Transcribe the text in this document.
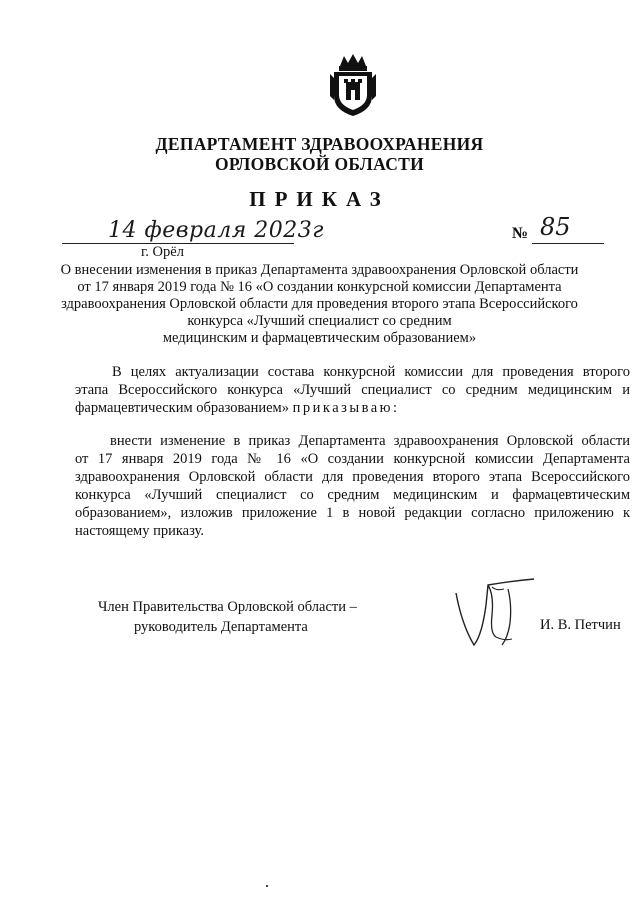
ДЕПАРТАМЕНТ ЗДРАВООХРАНЕНИЯ
ОРЛОВСКОЙ ОБЛАСТИ
ПРИКАЗ
14 февраля 2023г	№ 85
г. Орёл
О внесении изменения в приказ Департамента здравоохранения Орловской области
от 17 января 2019 года № 16 «О создании конкурсной комиссии Департамента
здравоохранения Орловской области для проведения второго этапа Всероссийского
конкурса «Лучший специалист со средним
медицинским и фармацевтическим образованием»
В целях актуализации состава конкурсной комиссии для проведения второго
этапа Всероссийского конкурса «Лучший специалист со средним медицинским и
фармацевтическим образованием» приказываю:
внести изменение в приказ Департамента здравоохранения Орловской области
от 17 января 2019 года № 16 «О создании конкурсной комиссии Департамента
здравоохранения Орловской области для проведения второго этапа Всероссийского
конкурса «Лучший специалист со средним медицинским и фармацевтическим
образованием», изложив приложение 1 в новой редакции согласно приложению к
настоящему приказу.
Член Правительства Орловской области –
руководитель Департамента	И. В. Петчин
